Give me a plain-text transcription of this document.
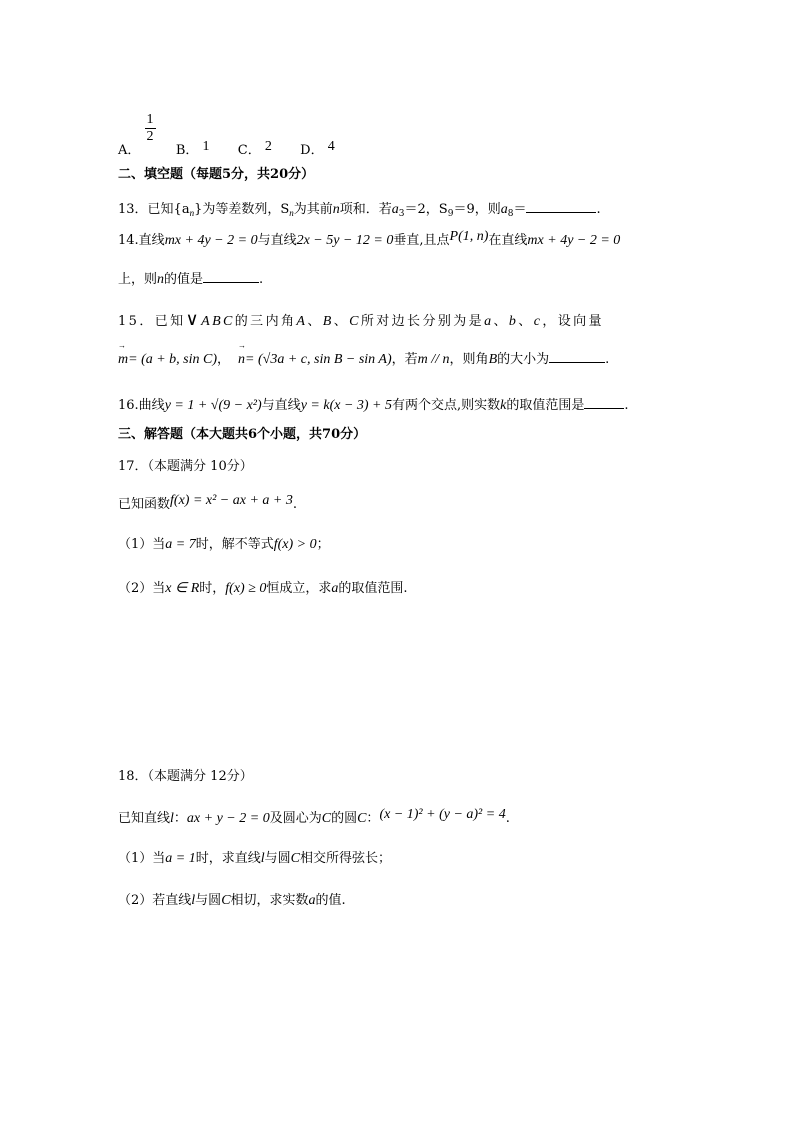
A．
$\frac{1}{2}$
B． 1 C． 2 D． 4
二、填空题（每题5分，共20分）
13．已知$\{a_n\}$为等差数列，$S_n$为其前n项和．若$a_3=2$，$S_9=9$，则$a_8=$	.
14.直线mx + 4y − 2 = 0与直线2x − 5y − 12 = 0垂直,且点P(1, n)在直线mx + 4y − 2 = 0
上，则n的值是	.
15．已知∨ABC的三内角A、B、C所对边长分别为是a、b、c，设向量
→ m= (a + b, sin C)，→ n= (√3a + c, sin B − sin A)，若m // n，则角B的大小为	.
16.曲线y = 1 + √(9 − x²)与直线y = k(x − 3) + 5有两个交点,则实数k的取值范围是	.
三、解答题（本大题共6个小题，共70分）
17．（本题满分 10分）
已知函数f(x) = x² − ax + a + 3.
（1）当a = 7时，解不等式f(x) > 0；
（2）当x ∈ R时，f(x) ≥ 0恒成立，求a的取值范围.
18．（本题满分 12分）
已知直线l：ax + y − 2 = 0及圆心为C的圆C：(x − 1)² + (y − a)² = 4.
（1）当a = 1时，求直线l与圆C相交所得弦长；
（2）若直线l与圆C相切，求实数a的值.
